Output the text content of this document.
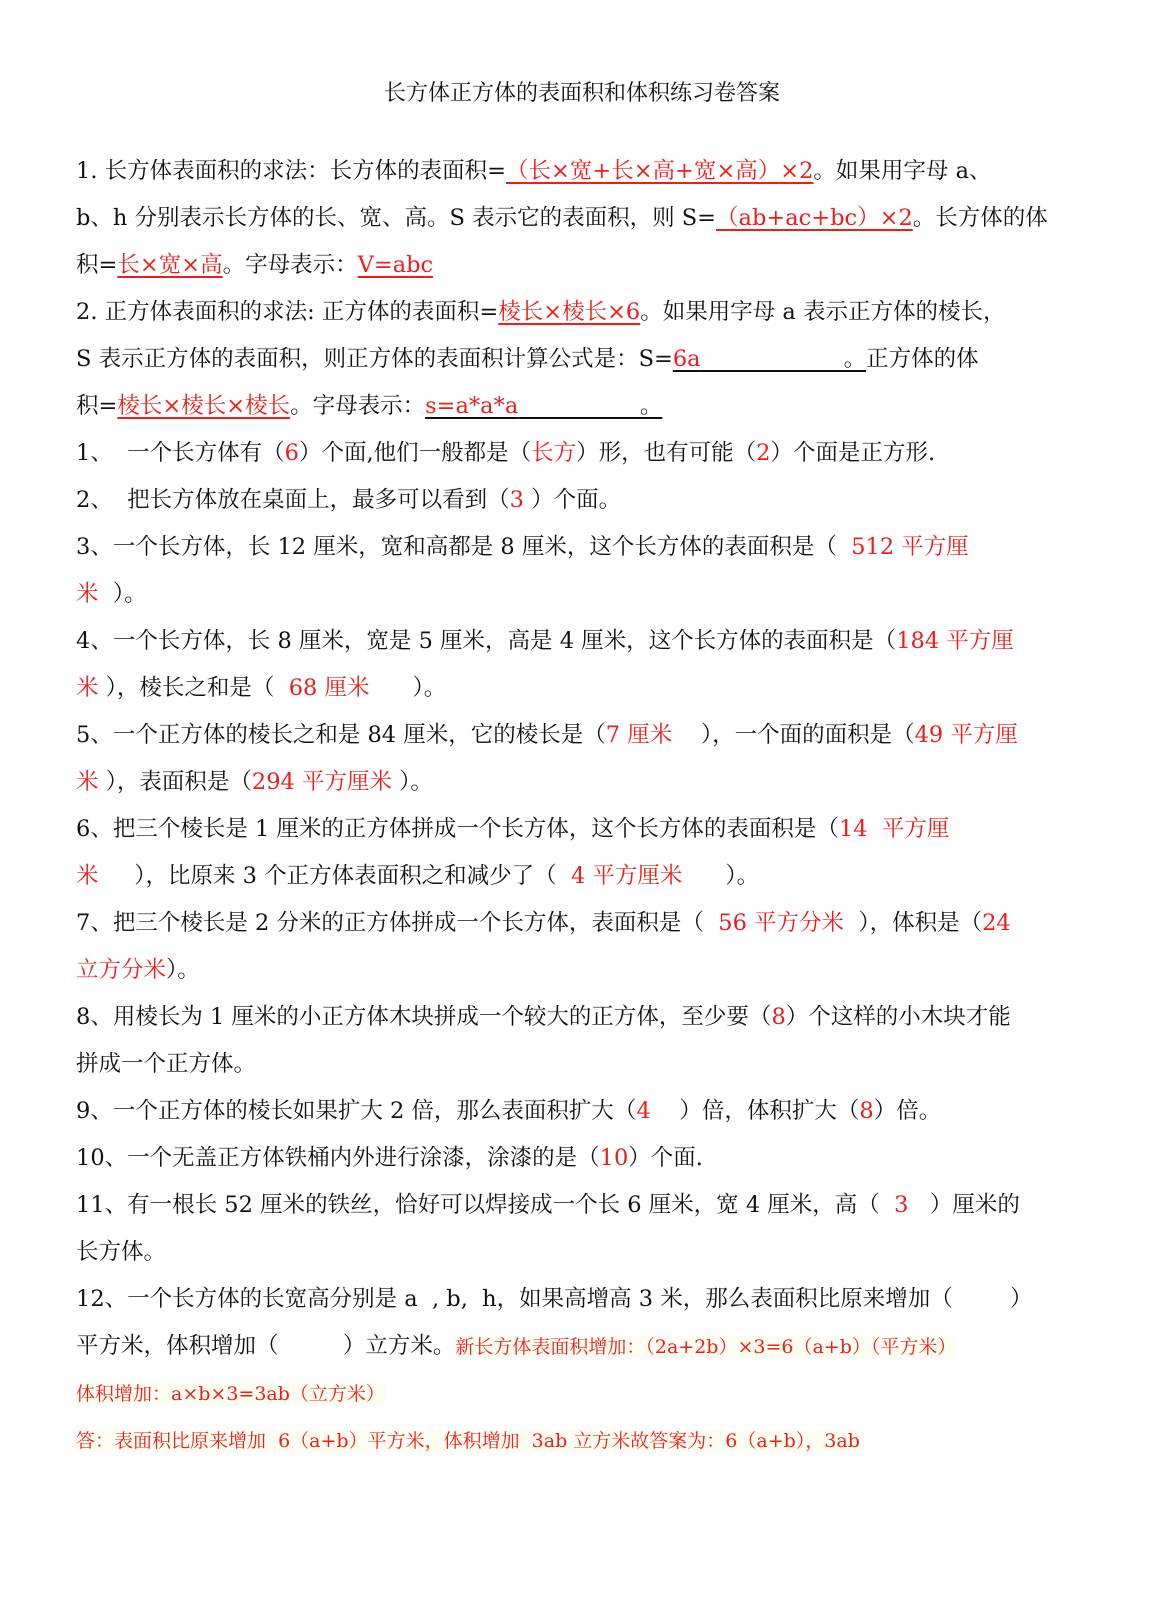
长方体正方体的表面积和体积练习卷答案

1. 长方体表面积的求法：长方体的表面积=（长×宽+长×高+宽×高）×2。如果用字母 a、

b、h 分别表示长方体的长、宽、高。S 表示它的表面积，则 S=（ab+ac+bc）×2。长方体的体

积=长×宽×高。字母表示：V=abc

2. 正方体表面积的求法: 正方体的表面积=棱长×棱长×6。如果用字母 a 表示正方体的棱长，

S 表示正方体的表面积，则正方体的表面积计算公式是：S=6a                    。正方体的体

积=棱长×棱长×棱长。字母表示：s=a*a*a                 。

1、  一个长方体有（6）个面,他们一般都是（长方）形，也有可能（2）个面是正方形.

2、  把长方体放在桌面上，最多可以看到（3 ）个面。

3、一个长方体，长 12 厘米，宽和高都是 8 厘米，这个长方体的表面积是（  512 平方厘

米  ）。

4、一个长方体，长 8 厘米，宽是 5 厘米，高是 4 厘米，这个长方体的表面积是（184 平方厘

米 ），棱长之和是（  68 厘米      ）。

5、一个正方体的棱长之和是 84 厘米，它的棱长是（7 厘米    ），一个面的面积是（49 平方厘

米 ），表面积是（294 平方厘米 ）。

6、把三个棱长是 1 厘米的正方体拼成一个长方体，这个长方体的表面积是（14  平方厘

米     ），比原来 3 个正方体表面积之和减少了（  4 平方厘米      ）。

7、把三个棱长是 2 分米的正方体拼成一个长方体，表面积是（  56 平方分米  ），体积是（24

立方分米）。

8、用棱长为 1 厘米的小正方体木块拼成一个较大的正方体，至少要（8）个这样的小木块才能

拼成一个正方体。

9、一个正方体的棱长如果扩大 2 倍，那么表面积扩大（4    ）倍，体积扩大（8）倍。

10、一个无盖正方体铁桶内外进行涂漆，涂漆的是（10）个面.

11、有一根长 52 厘米的铁丝，恰好可以焊接成一个长 6 厘米，宽 4 厘米，高（  3   ）厘米的

长方体。

12、一个长方体的长宽高分别是 a  , b,  h，如果高增高 3 米，那么表面积比原来增加（        ）

平方米，体积增加（         ）立方米。新长方体表面积增加：（2a+2b）×3=6（a+b）（平方米）

体积增加：a×b×3=3ab（立方米）

答：表面积比原来增加  6（a+b）平方米，体积增加  3ab 立方米故答案为：6（a+b），3ab
